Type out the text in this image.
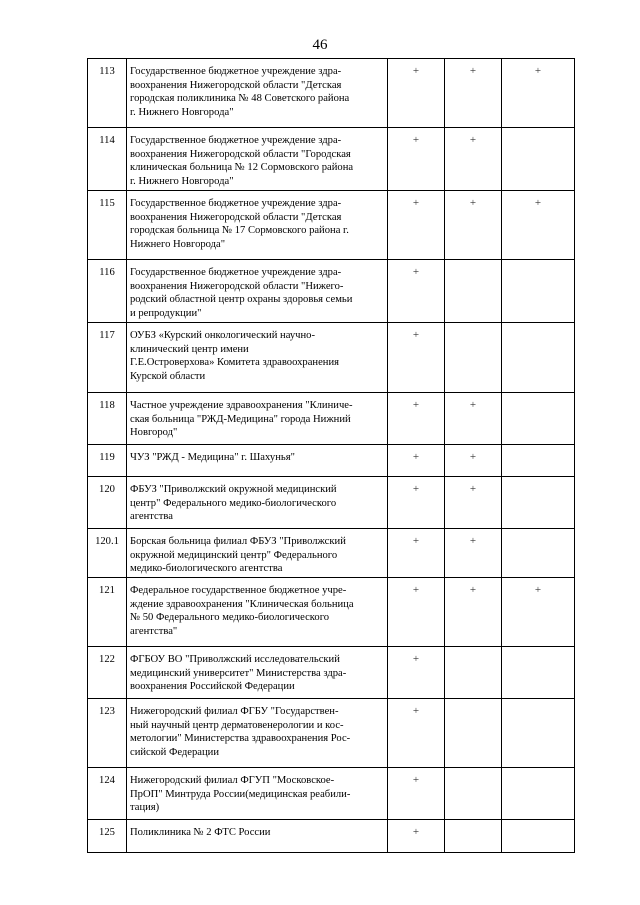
46
113	Государственное бюджетное учреждение здра-
воохранения Нижегородской области "Детская
городская поликлиника № 48 Советского района
г. Нижнего Новгорода"	+	+	+
114	Государственное бюджетное учреждение здра-
воохранения Нижегородской области "Городская
клиническая больница № 12 Сормовского района
г. Нижнего Новгорода"	+	+	
115	Государственное бюджетное учреждение здра-
воохранения Нижегородской области "Детская
городская больница № 17 Сормовского района г.
Нижнего Новгорода"	+	+	+
116	Государственное бюджетное учреждение здра-
воохранения Нижегородской области "Нижего-
родский областной центр охраны здоровья семьи
и репродукции"	+		
117	ОУБЗ «Курский онкологический научно-
клинический центр имени
Г.Е.Островерхова» Комитета здравоохранения
Курской области	+		
118	Частное учреждение здравоохранения "Клиниче-
ская больница "РЖД-Медицина" города Нижний
Новгород"	+	+	
119	ЧУЗ "РЖД - Медицина" г. Шахунья"	+	+	
120	ФБУЗ "Приволжский окружной медицинский
центр" Федерального медико-биологического
агентства	+	+	
120.1	Борская больница филиал ФБУЗ "Приволжский
окружной медицинский центр" Федерального
медико-биологического агентства	+	+	
121	Федеральное государственное бюджетное учре-
ждение здравоохранения "Клиническая больница
№ 50 Федерального медико-биологического
агентства"	+	+	+
122	ФГБОУ ВО "Приволжский исследовательский
медицинский университет" Министерства здра-
воохранения Российской Федерации	+		
123	Нижегородский филиал ФГБУ "Государствен-
ный научный центр дерматовенерологии и кос-
метологии" Министерства здравоохранения Рос-
сийской Федерации	+		
124	Нижегородский филиал ФГУП "Московское-
ПрОП" Минтруда России(медицинская реабили-
тация)	+		
125	Поликлиника № 2 ФТС России	+		
